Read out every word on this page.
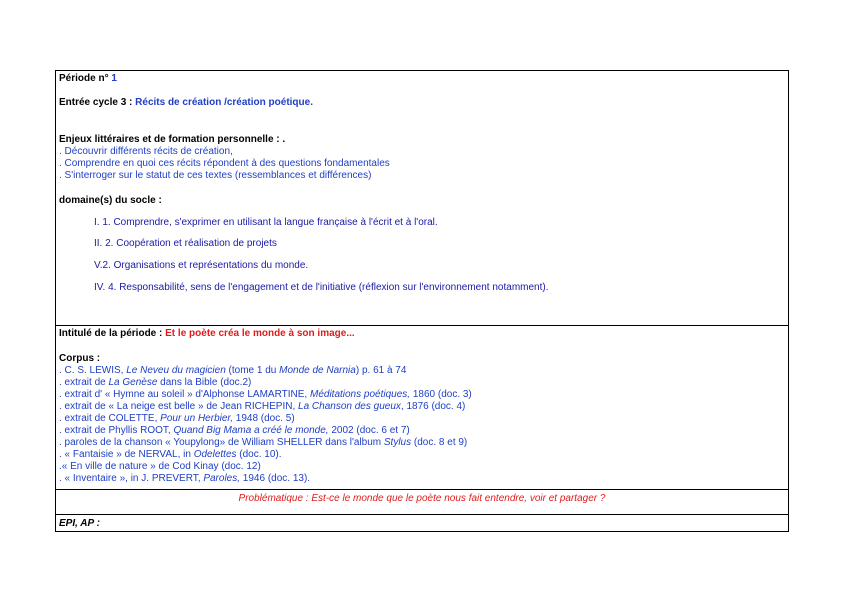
Période n° 1
Entrée cycle 3 : Récits de création /création poétique.
Enjeux littéraires et de formation personnelle : .
. Découvrir différents récits de création,
. Comprendre en quoi ces récits répondent à des questions fondamentales
. S'interroger sur le statut de ces textes (ressemblances et différences)
domaine(s) du socle :
I. 1. Comprendre, s'exprimer en utilisant la langue française à l'écrit et à l'oral.
II. 2. Coopération et réalisation de projets
V.2. Organisations et représentations du monde.
IV. 4. Responsabilité, sens de l'engagement et de l'initiative (réflexion sur l'environnement notamment).
Intitulé de la période : Et le poète créa le monde à son image...
Corpus :
. C. S. LEWIS, Le Neveu du magicien (tome 1 du Monde de Narnia) p. 61 à 74
. extrait de La Genèse dans la Bible (doc.2)
. extrait d' « Hymne au soleil » d'Alphonse LAMARTINE, Méditations poétiques, 1860 (doc. 3)
. extrait de « La neige est belle » de Jean RICHEPIN, La Chanson des gueux, 1876 (doc. 4)
. extrait de COLETTE, Pour un Herbier, 1948 (doc. 5)
. extrait de Phyllis ROOT, Quand Big Mama a créé le monde, 2002 (doc. 6 et 7)
. paroles de la chanson « Youpylong» de William SHELLER dans l'album Stylus (doc. 8 et 9)
. « Fantaisie » de NERVAL, in Odelettes (doc. 10).
.« En ville de nature » de Cod Kinay (doc. 12)
. « Inventaire », in J. PREVERT, Paroles, 1946 (doc. 13).
Problématique : Est-ce le monde que le poète nous fait entendre, voir et partager ?
EPI, AP :
